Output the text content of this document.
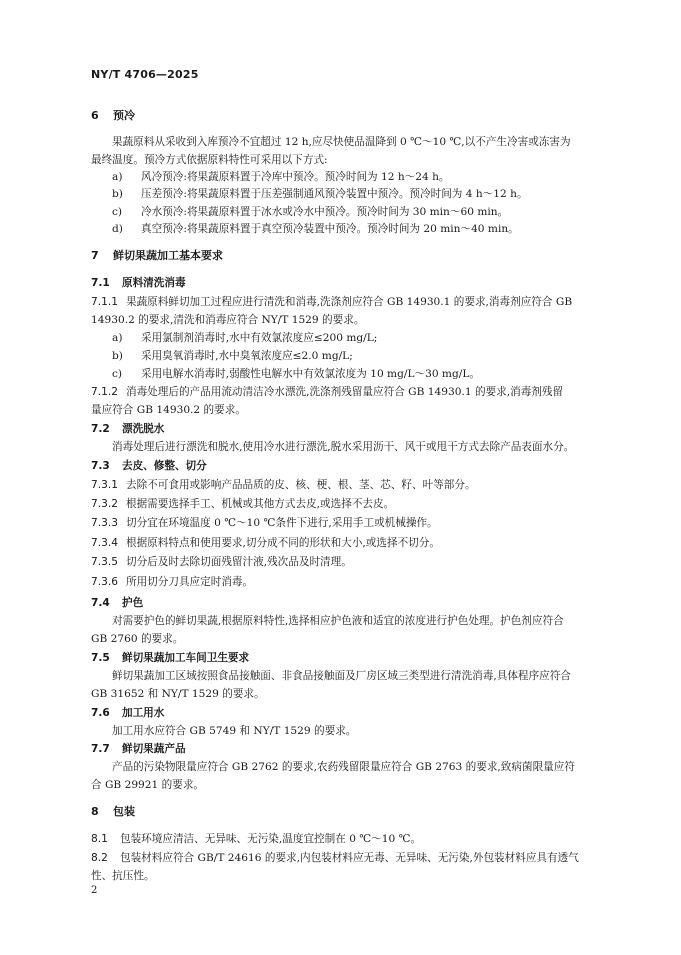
NY/T 4706—2025
6 预冷
果蔬原料从采收到入库预冷不宜超过 12 h,应尽快使品温降到 0 ℃～10 ℃,以不产生冷害或冻害为
最终温度。预冷方式依据原料特性可采用以下方式:
a) 风冷预冷:将果蔬原料置于冷库中预冷。预冷时间为 12 h～24 h。
b) 压差预冷:将果蔬原料置于压差强制通风预冷装置中预冷。预冷时间为 4 h～12 h。
c) 冷水预冷:将果蔬原料置于冰水或冷水中预冷。预冷时间为 30 min～60 min。
d) 真空预冷:将果蔬原料置于真空预冷装置中预冷。预冷时间为 20 min～40 min。
7 鲜切果蔬加工基本要求
7.1 原料清洗消毒
7.1.1 果蔬原料鲜切加工过程应进行清洗和消毒,洗涤剂应符合 GB 14930.1 的要求,消毒剂应符合 GB
14930.2 的要求,清洗和消毒应符合 NY/T 1529 的要求。
a) 采用氯制剂消毒时,水中有效氯浓度应≤200 mg/L;
b) 采用臭氧消毒时,水中臭氧浓度应≤2.0 mg/L;
c) 采用电解水消毒时,弱酸性电解水中有效氯浓度为 10 mg/L～30 mg/L。
7.1.2 消毒处理后的产品用流动清洁冷水漂洗,洗涤剂残留量应符合 GB 14930.1 的要求,消毒剂残留
量应符合 GB 14930.2 的要求。
7.2 漂洗脱水
消毒处理后进行漂洗和脱水,使用冷水进行漂洗,脱水采用沥干、风干或甩干方式去除产品表面水分。
7.3 去皮、修整、切分
7.3.1 去除不可食用或影响产品品质的皮、核、梗、根、茎、芯、籽、叶等部分。
7.3.2 根据需要选择手工、机械或其他方式去皮,或选择不去皮。
7.3.3 切分宜在环境温度 0 ℃～10 ℃条件下进行,采用手工或机械操作。
7.3.4 根据原料特点和使用要求,切分成不同的形状和大小,或选择不切分。
7.3.5 切分后及时去除切面残留汁液,残次品及时清理。
7.3.6 所用切分刀具应定时消毒。
7.4 护色
对需要护色的鲜切果蔬,根据原料特性,选择相应护色液和适宜的浓度进行护色处理。护色剂应符合
GB 2760 的要求。
7.5 鲜切果蔬加工车间卫生要求
鲜切果蔬加工区域按照食品接触面、非食品接触面及厂房区域三类型进行清洗消毒,具体程序应符合
GB 31652 和 NY/T 1529 的要求。
7.6 加工用水
加工用水应符合 GB 5749 和 NY/T 1529 的要求。
7.7 鲜切果蔬产品
产品的污染物限量应符合 GB 2762 的要求,农药残留限量应符合 GB 2763 的要求,致病菌限量应符
合 GB 29921 的要求。
8 包装
8.1 包装环境应清洁、无异味、无污染,温度宜控制在 0 ℃～10 ℃。
8.2 包装材料应符合 GB/T 24616 的要求,内包装材料应无毒、无异味、无污染,外包装材料应具有透气
性、抗压性。
2
